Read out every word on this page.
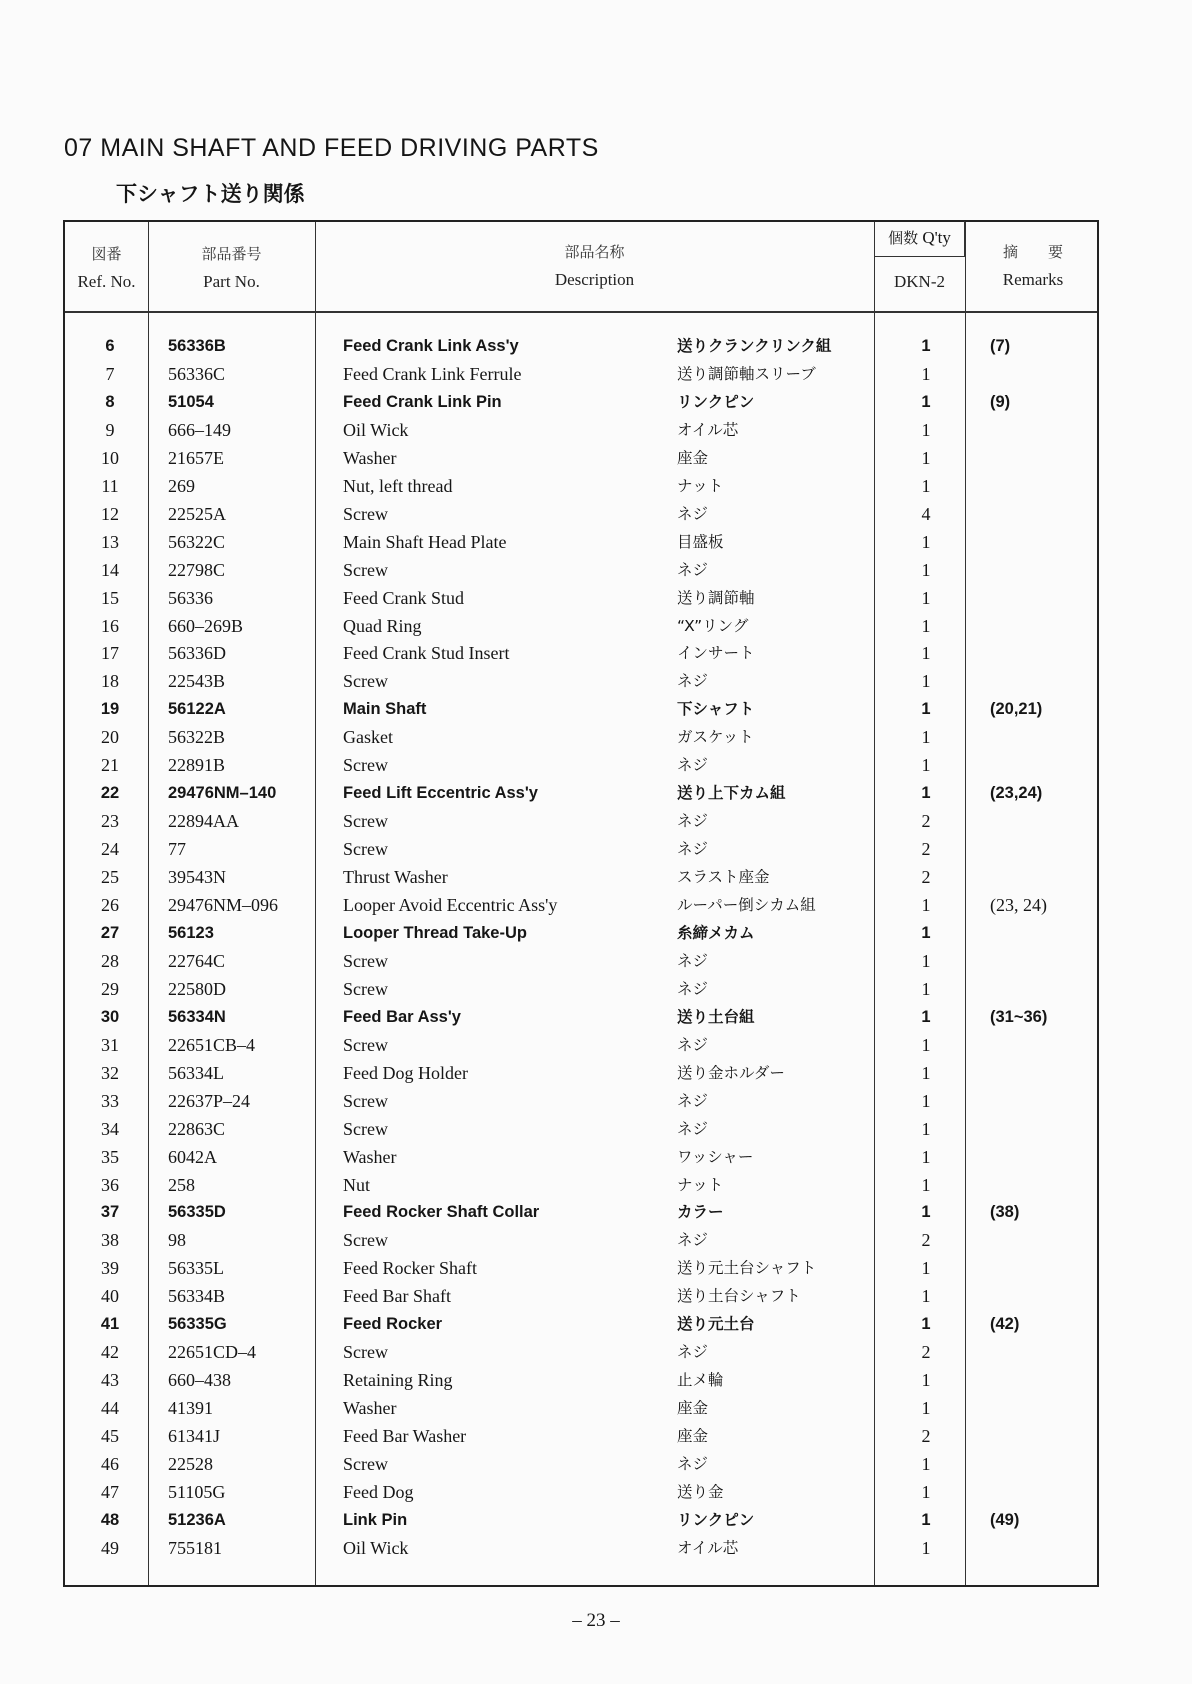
07 MAIN SHAFT AND FEED DRIVING PARTS
下シャフト送り関係
図番
Ref. No.
部品番号
Part No.
部品名称
Description
個数 Q'ty
DKN-2
摘　　要
Remarks
6	56336B	Feed Crank Link Ass'y	送りクランクリンク組	1	(7)
7	56336C	Feed Crank Link Ferrule	送り調節軸スリーブ	1
8	51054	Feed Crank Link Pin	リンクピン	1	(9)
9	666–149	Oil Wick	オイル芯	1
10	21657E	Washer	座金	1
11	269	Nut, left thread	ナット	1
12	22525A	Screw	ネジ	4
13	56322C	Main Shaft Head Plate	目盛板	1
14	22798C	Screw	ネジ	1
15	56336	Feed Crank Stud	送り調節軸	1
16	660–269B	Quad Ring	“X”リング	1
17	56336D	Feed Crank Stud Insert	インサート	1
18	22543B	Screw	ネジ	1
19	56122A	Main Shaft	下シャフト	1	(20,21)
20	56322B	Gasket	ガスケット	1
21	22891B	Screw	ネジ	1
22	29476NM–140	Feed Lift Eccentric Ass'y	送り上下カム組	1	(23,24)
23	22894AA	Screw	ネジ	2
24	77	Screw	ネジ	2
25	39543N	Thrust Washer	スラスト座金	2
26	29476NM–096	Looper Avoid Eccentric Ass'y	ルーパー倒シカム組	1	(23, 24)
27	56123	Looper Thread Take-Up	糸締メカム	1
28	22764C	Screw	ネジ	1
29	22580D	Screw	ネジ	1
30	56334N	Feed Bar Ass'y	送り土台組	1	(31~36)
31	22651CB–4	Screw	ネジ	1
32	56334L	Feed Dog Holder	送り金ホルダー	1
33	22637P–24	Screw	ネジ	1
34	22863C	Screw	ネジ	1
35	6042A	Washer	ワッシャー	1
36	258	Nut	ナット	1
37	56335D	Feed Rocker Shaft Collar	カラー	1	(38)
38	98	Screw	ネジ	2
39	56335L	Feed Rocker Shaft	送り元土台シャフト	1
40	56334B	Feed Bar Shaft	送り土台シャフト	1
41	56335G	Feed Rocker	送り元土台	1	(42)
42	22651CD–4	Screw	ネジ	2
43	660–438	Retaining Ring	止メ輪	1
44	41391	Washer	座金	1
45	61341J	Feed Bar Washer	座金	2
46	22528	Screw	ネジ	1
47	51105G	Feed Dog	送り金	1
48	51236A	Link Pin	リンクピン	1	(49)
49	755181	Oil Wick	オイル芯	1
– 23 –
